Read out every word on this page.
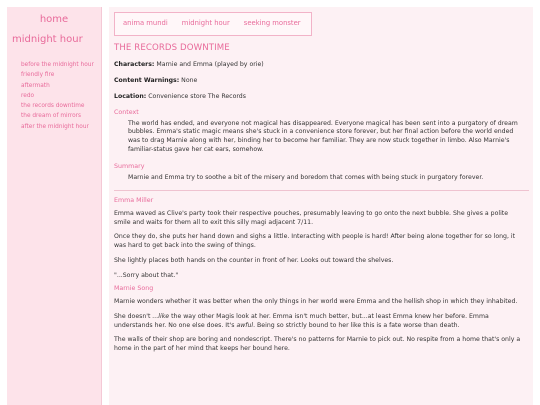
home
midnight hour
before the midnight hour
friendly fire
aftermath
redo
the records downtime
the dream of mirrors
after the midnight hour
anima mundi midnight hour seeking monster
THE RECORDS DOWNTIME
Characters: Marnie and Emma (played by orie)
Content Warnings: None
Location: Convenience store The Records
Context
The world has ended, and everyone not magical has disappeared. Everyone magical has been sent into a purgatory of dream bubbles. Emma's static magic means she's stuck in a convenience store forever, but her final action before the world ended was to drag Marnie along with her, binding her to become her familiar. They are now stuck together in limbo. Also Marnie's familiar-status gave her cat ears, somehow.
Summary
Marnie and Emma try to soothe a bit of the misery and boredom that comes with being stuck in purgatory forever.
Emma Miller
Emma waved as Clive's party took their respective pouches, presumably leaving to go onto the next bubble. She gives a polite smile and waits for them all to exit this silly magi adjacent 7/11.
Once they do, she puts her hand down and sighs a little. Interacting with people is hard! After being alone together for so long, it was hard to get back into the swing of things.
She lightly places both hands on the counter in front of her. Looks out toward the shelves.
"...Sorry about that."
Marnie Song
Marnie wonders whether it was better when the only things in her world were Emma and the hellish shop in which they inhabited.
She doesn't ...like the way other Magis look at her. Emma isn't much better, but...at least Emma knew her before. Emma understands her. No one else does. It's awful. Being so strictly bound to her like this is a fate worse than death.
The walls of their shop are boring and nondescript. There's no patterns for Marnie to pick out. No respite from a home that's only a home in the part of her mind that keeps her bound here.
